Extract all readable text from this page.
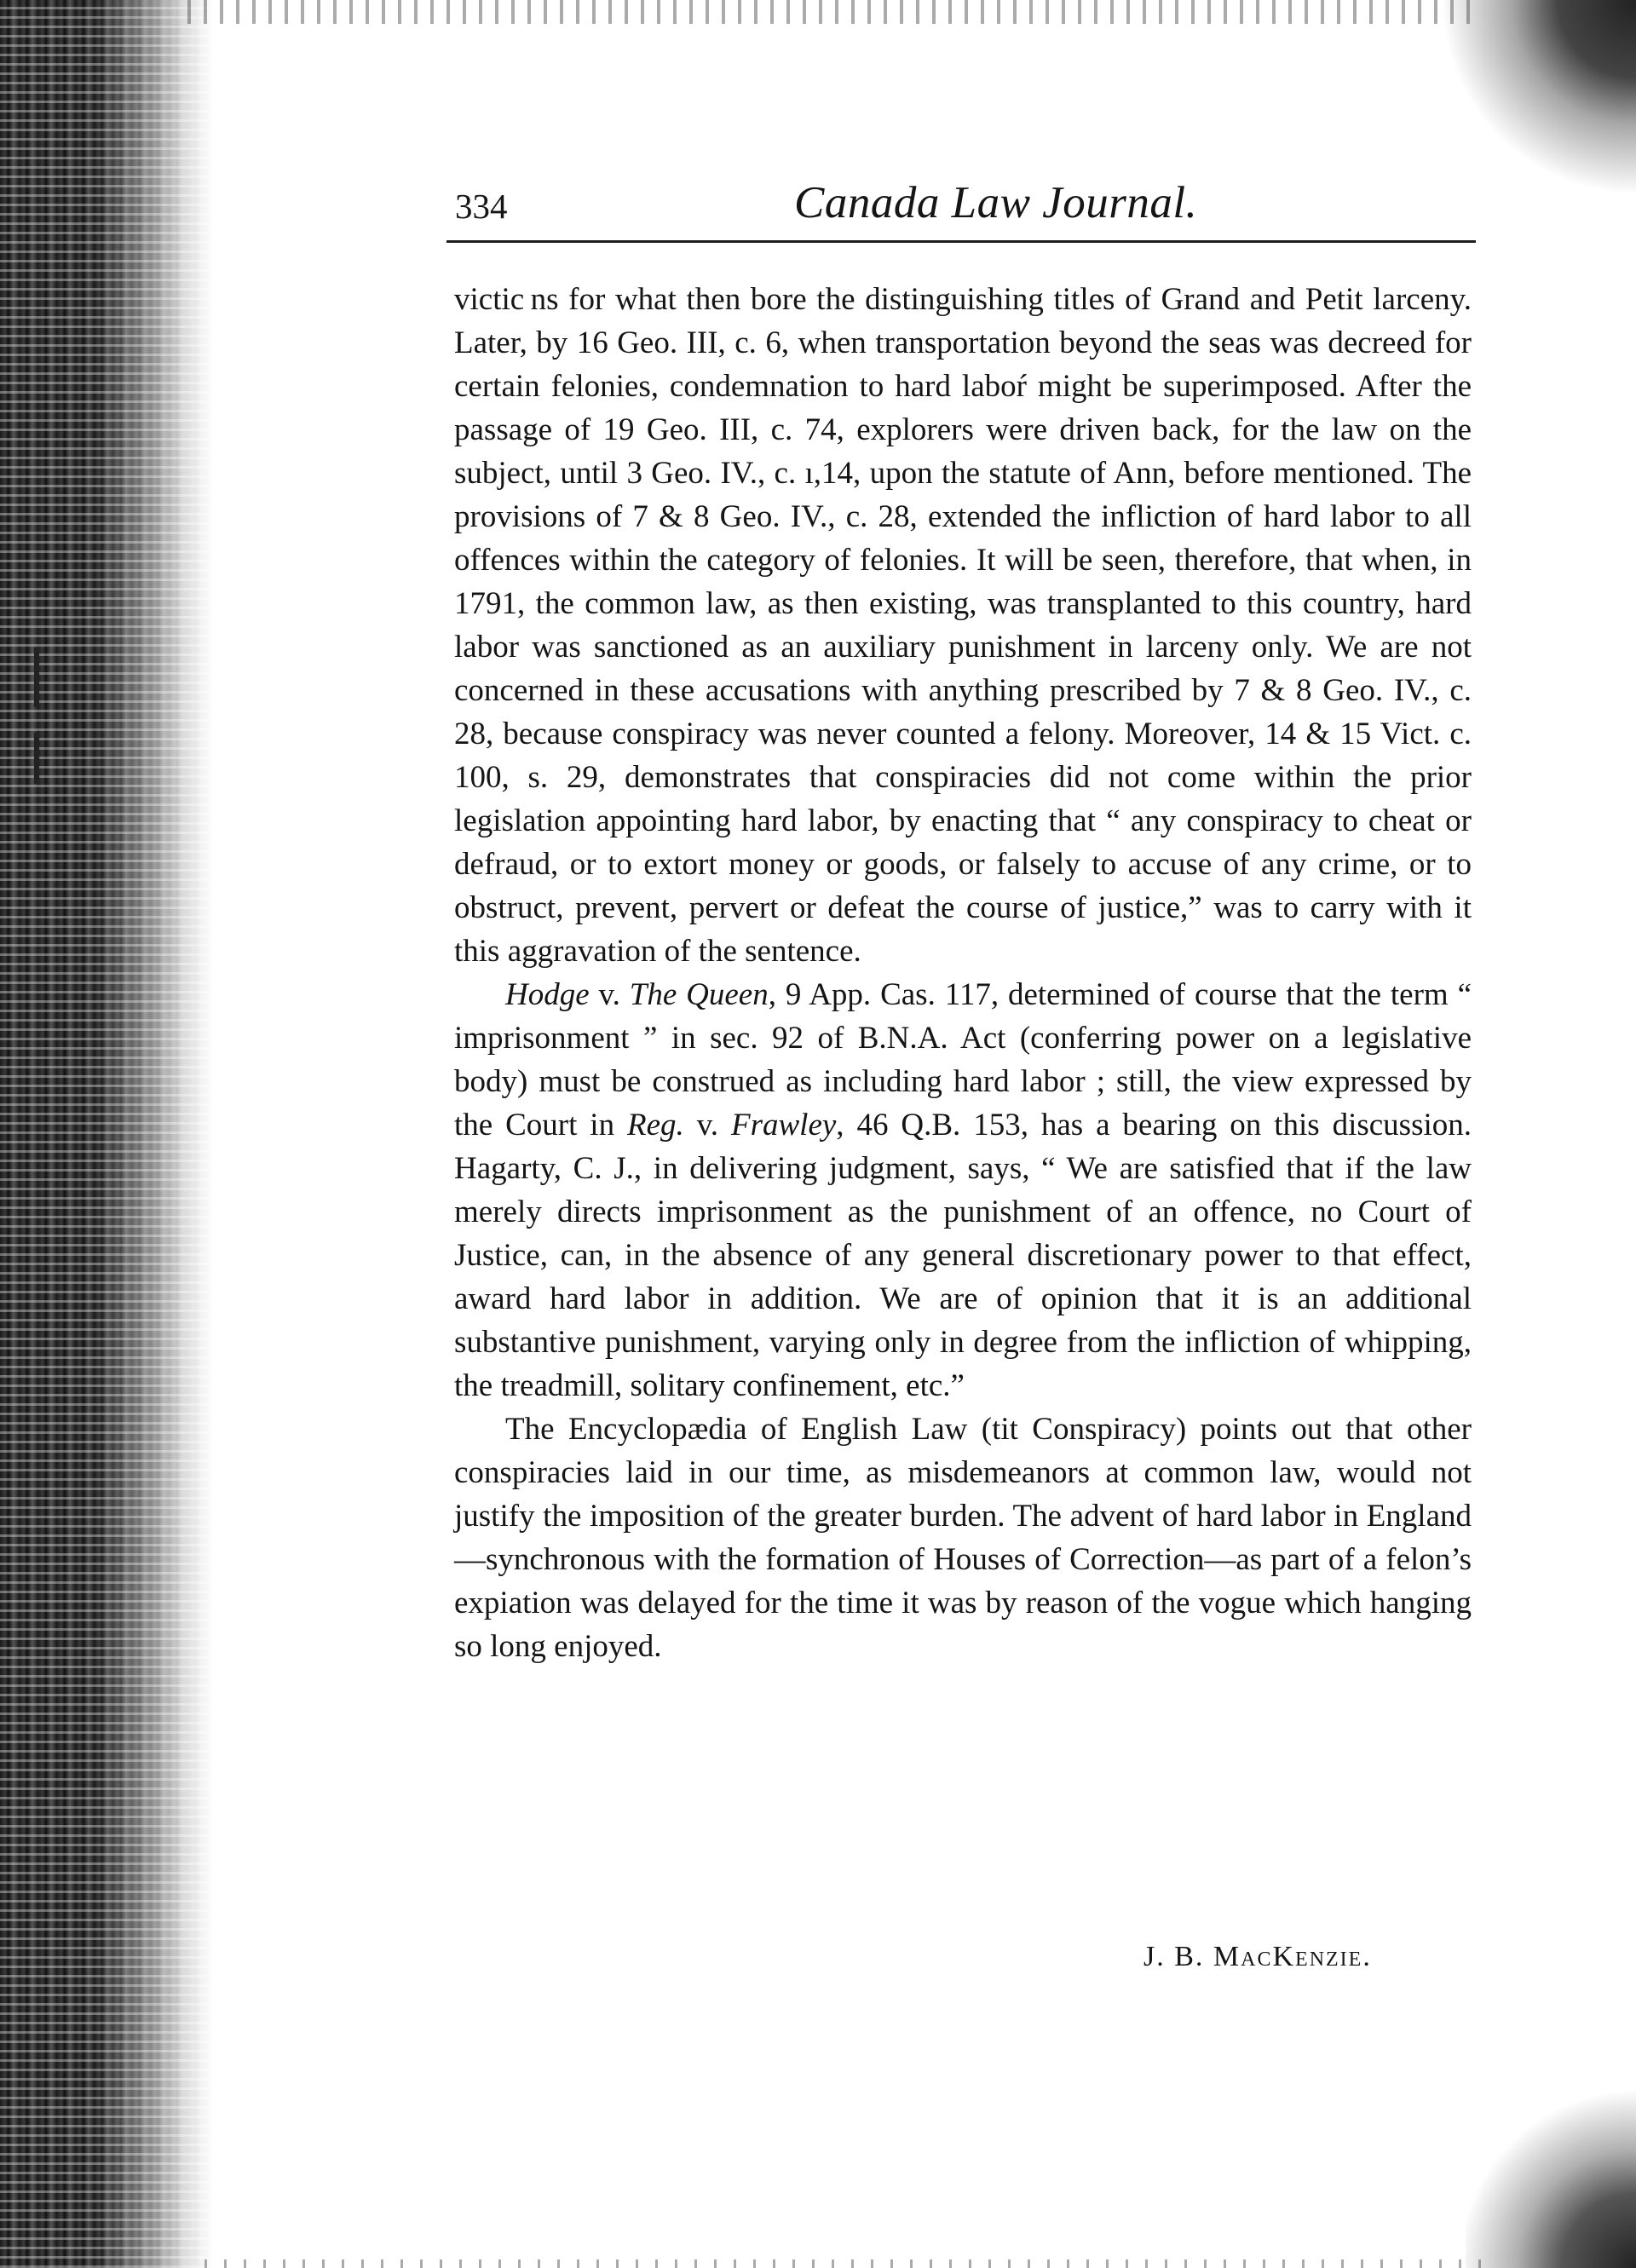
334	Canada Law Journal.

victic ns for what then bore the distinguishing titles of Grand and Petit larceny. Later, by 16 Geo. III, c. 6, when transportation beyond the seas was decreed for certain felonies, condemnation to hard laboŕ might be superimposed. After the passage of 19 Geo. III, c. 74, explorers were driven back, for the law on the subject, until 3 Geo. IV., c. ı,14, upon the statute of Ann, before mentioned. The provisions of 7 & 8 Geo. IV., c. 28, extended the infliction of hard labor to all offences within the category of felonies. It will be seen, therefore, that when, in 1791, the common law, as then existing, was transplanted to this country, hard labor was sanctioned as an auxiliary punishment in larceny only. We are not concerned in these accusations with anything prescribed by 7 & 8 Geo. IV., c. 28, because conspiracy was never counted a felony. Moreover, 14 & 15 Vict. c. 100, s. 29, demonstrates that conspiracies did not come within the prior legislation appointing hard labor, by enacting that “ any conspiracy to cheat or defraud, or to extort money or goods, or falsely to accuse of any crime, or to obstruct, prevent, pervert or defeat the course of justice,” was to carry with it this aggravation of the sentence.

Hodge v. The Queen, 9 App. Cas. 117, determined of course that the term “ imprisonment ” in sec. 92 of B.N.A. Act (conferring power on a legislative body) must be construed as including hard labor ; still, the view expressed by the Court in Reg. v. Frawley, 46 Q.B. 153, has a bearing on this discussion. Hagarty, C. J., in delivering judgment, says, “ We are satisfied that if the law merely directs imprisonment as the punishment of an offence, no Court of Justice, can, in the absence of any general discretionary power to that effect, award hard labor in addition. We are of opinion that it is an additional substantive punishment, varying only in degree from the infliction of whipping, the treadmill, solitary confinement, etc.”

The Encyclopædia of English Law (tit Conspiracy) points out that other conspiracies laid in our time, as misdemeanors at common law, would not justify the imposition of the greater burden. The advent of hard labor in England—synchronous with the formation of Houses of Correction—as part of a felon’s expiation was delayed for the time it was by reason of the vogue which hanging so long enjoyed.

J. B. MacKenzie.
